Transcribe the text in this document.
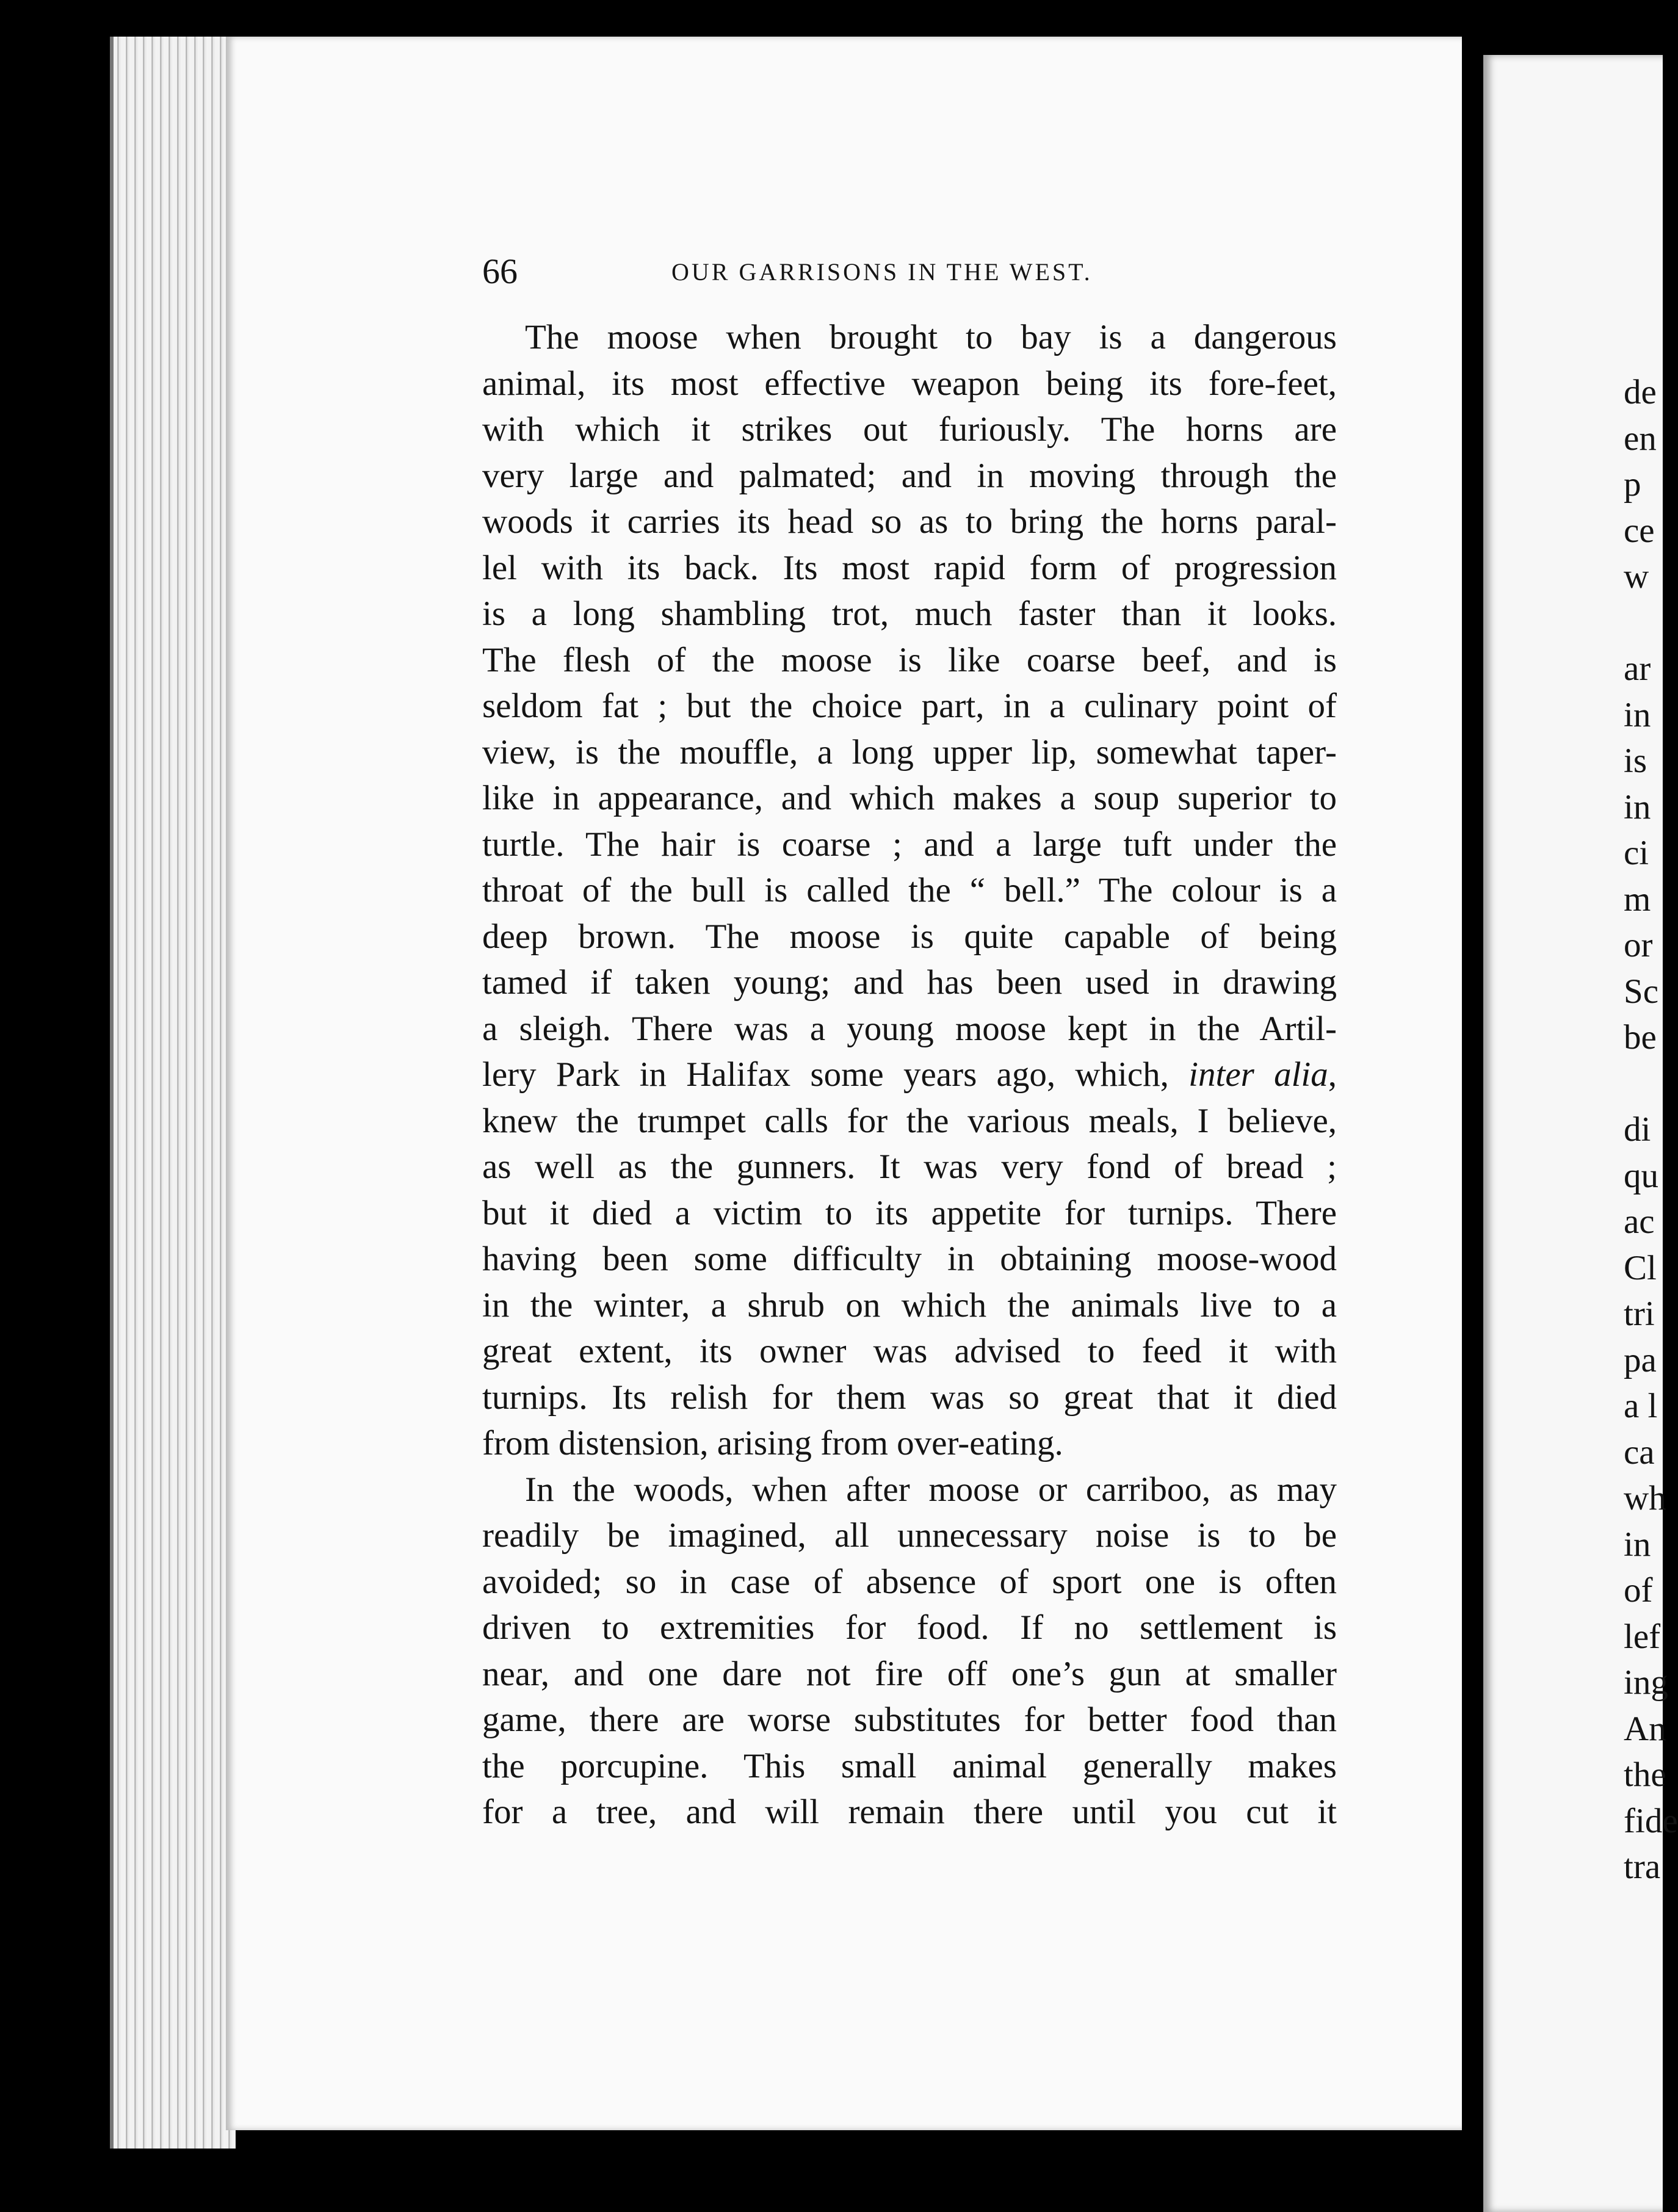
de
en
p
ce
w
ar
in
is
in
ci
m
or
Sc
be
di
qu
ac
Cl
tri
pa
a l
ca
wh
in
of
lef
ing
An
the
fide
tra
66	OUR GARRISONS IN THE WEST.
The moose when brought to bay is a dangerous
animal, its most effective weapon being its fore-feet,
with which it strikes out furiously. The horns are
very large and palmated; and in moving through the
woods it carries its head so as to bring the horns paral-
lel with its back. Its most rapid form of progression
is a long shambling trot, much faster than it looks.
The flesh of the moose is like coarse beef, and is
seldom fat ; but the choice part, in a culinary point of
view, is the mouffle, a long upper lip, somewhat taper-
like in appearance, and which makes a soup superior to
turtle. The hair is coarse ; and a large tuft under the
throat of the bull is called the “ bell.” The colour is a
deep brown. The moose is quite capable of being
tamed if taken young; and has been used in drawing
a sleigh. There was a young moose kept in the Artil-
lery Park in Halifax some years ago, which, inter alia,
knew the trumpet calls for the various meals, I believe,
as well as the gunners. It was very fond of bread ;
but it died a victim to its appetite for turnips. There
having been some difficulty in obtaining moose-wood
in the winter, a shrub on which the animals live to a
great extent, its owner was advised to feed it with
turnips. Its relish for them was so great that it died
from distension, arising from over-eating.
In the woods, when after moose or carriboo, as may
readily be imagined, all unnecessary noise is to be
avoided; so in case of absence of sport one is often
driven to extremities for food. If no settlement is
near, and one dare not fire off one’s gun at smaller
game, there are worse substitutes for better food than
the porcupine. This small animal generally makes
for a tree, and will remain there until you cut it
